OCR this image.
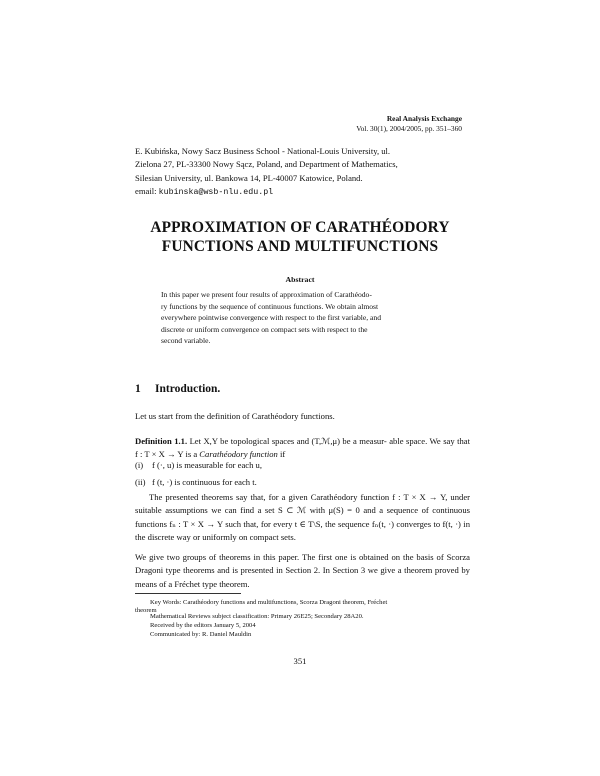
Real Analysis Exchange
Vol. 30(1), 2004/2005, pp. 351–360
E. Kubińska, Nowy Sacz Business School - National-Louis University, ul.
Zielona 27, PL-33300 Nowy Sącz, Poland, and Department of Mathematics,
Silesian University, ul. Bankowa 14, PL-40007 Katowice, Poland.
email: kubinska@wsb-nlu.edu.pl
APPROXIMATION OF CARATHÉODORY
FUNCTIONS AND MULTIFUNCTIONS
Abstract
In this paper we present four results of approximation of Carathéodo-
ry functions by the sequence of continuous functions. We obtain almost
everywhere pointwise convergence with respect to the first variable, and
discrete or uniform convergence on compact sets with respect to the
second variable.
1 Introduction.
Let us start from the definition of Carathéodory functions.
Definition 1.1. Let X,Y be topological spaces and (T,ℳ,μ) be a measur- able space. We say that f : T × X → Y is a Carathéodory function if
(i) f (·, u) is measurable for each u,
(ii) f (t, ·) is continuous for each t.
The presented theorems say that, for a given Carathéodory function f : T × X → Y, under suitable assumptions we can find a set S ⊂ ℳ with μ(S) = 0 and a sequence of continuous functions fₙ : T × X → Y such that, for every t ∈ T\S, the sequence fₙ(t, ·) converges to f(t, ·) in the discrete way or uniformly on compact sets.
We give two groups of theorems in this paper. The first one is obtained on the basis of Scorza Dragoni type theorems and is presented in Section 2. In Section 3 we give a theorem proved by means of a Fréchet type theorem.
Key Words: Carathéodory functions and multifunctions, Scorza Dragoni theorem, Fréchet
theorem
Mathematical Reviews subject classification: Primary 26E25; Secondary 28A20.
Received by the editors January 5, 2004
Communicated by: R. Daniel Mauldin
351
